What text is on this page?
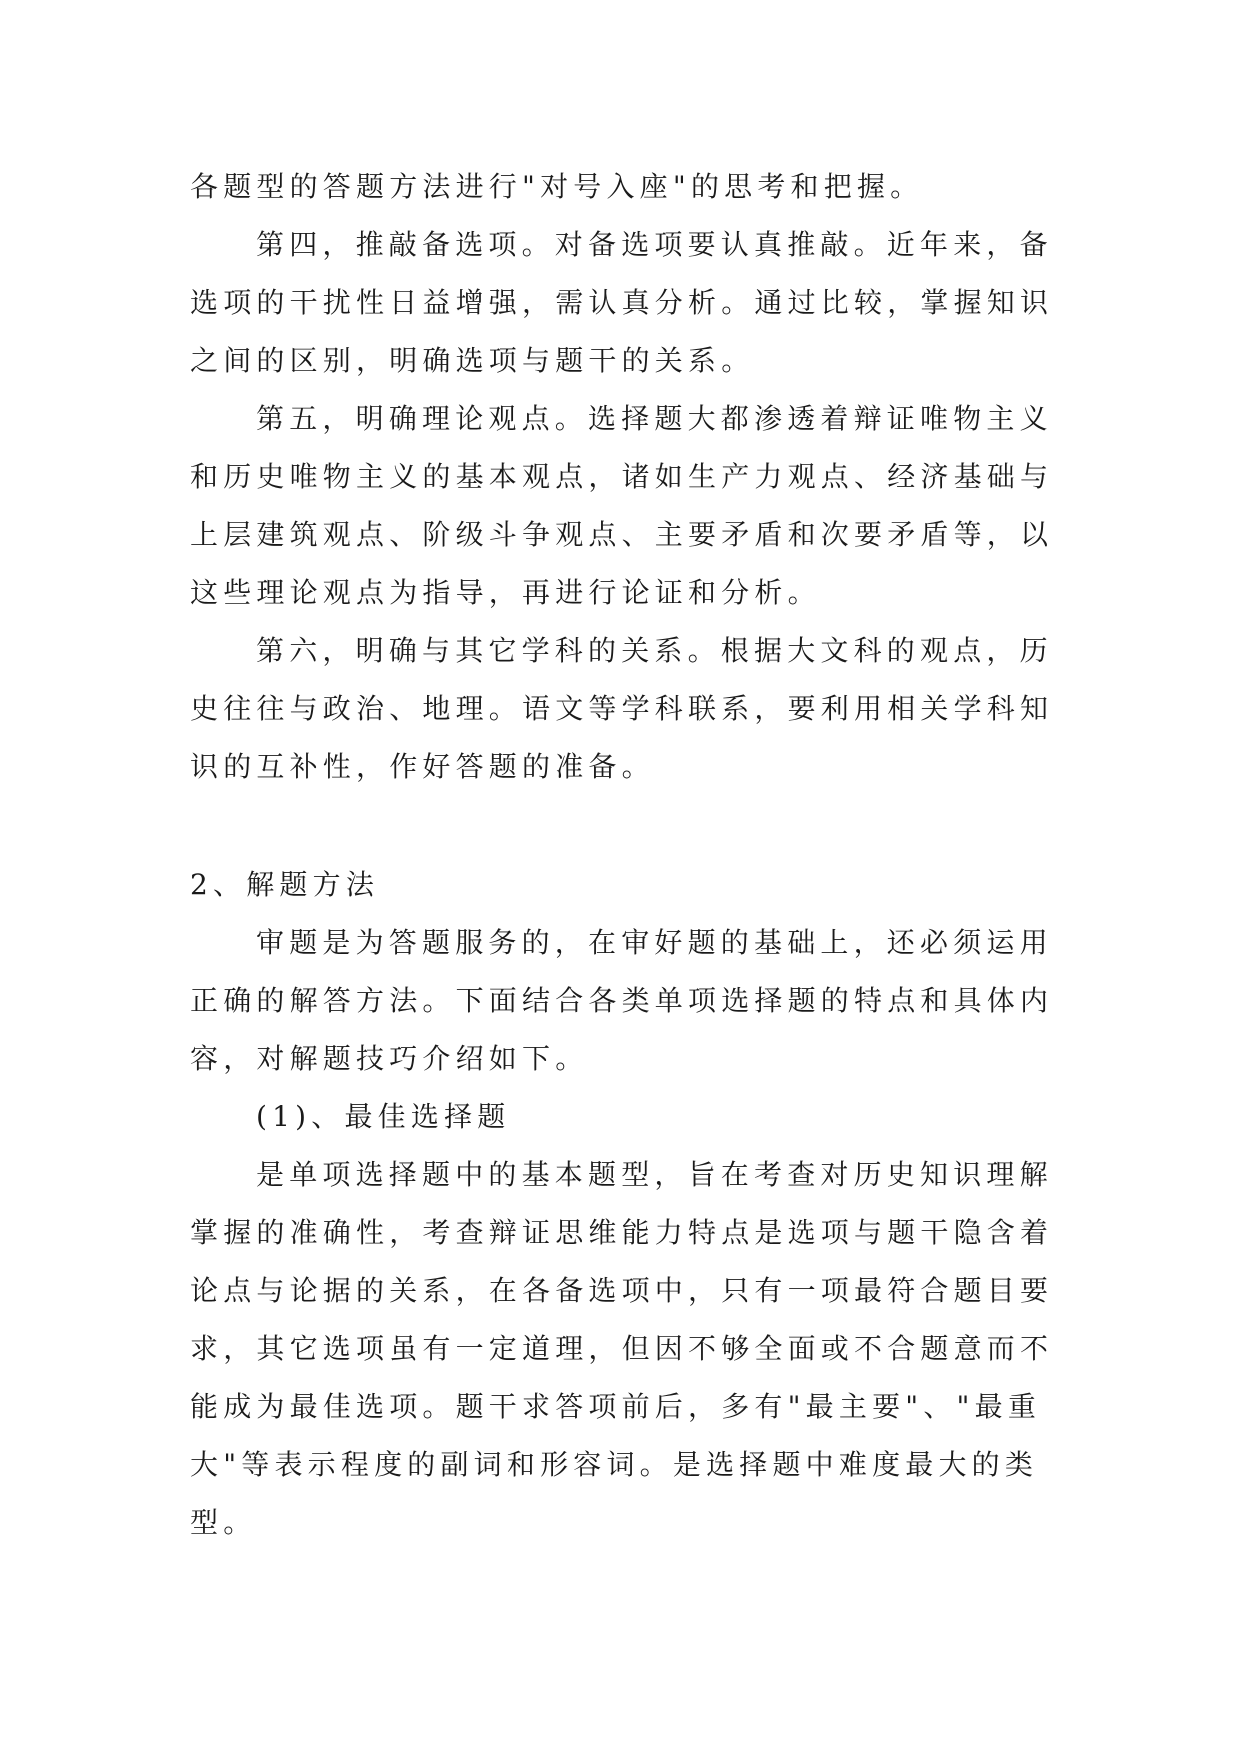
各题型的答题方法进行"对号入座"的思考和把握。
第四，推敲备选项。对备选项要认真推敲。近年来，备
选项的干扰性日益增强，需认真分析。通过比较，掌握知识
之间的区别，明确选项与题干的关系。
第五，明确理论观点。选择题大都渗透着辩证唯物主义
和历史唯物主义的基本观点，诸如生产力观点、经济基础与
上层建筑观点、阶级斗争观点、主要矛盾和次要矛盾等，以
这些理论观点为指导，再进行论证和分析。
第六，明确与其它学科的关系。根据大文科的观点，历
史往往与政治、地理。语文等学科联系，要利用相关学科知
识的互补性，作好答题的准备。
2、解题方法
审题是为答题服务的，在审好题的基础上，还必须运用
正确的解答方法。下面结合各类单项选择题的特点和具体内
容，对解题技巧介绍如下。
(1)、最佳选择题
是单项选择题中的基本题型，旨在考查对历史知识理解
掌握的准确性，考查辩证思维能力特点是选项与题干隐含着
论点与论据的关系，在各备选项中，只有一项最符合题目要
求，其它选项虽有一定道理，但因不够全面或不合题意而不
能成为最佳选项。题干求答项前后，多有"最主要"、"最重
大"等表示程度的副词和形容词。是选择题中难度最大的类
型。
